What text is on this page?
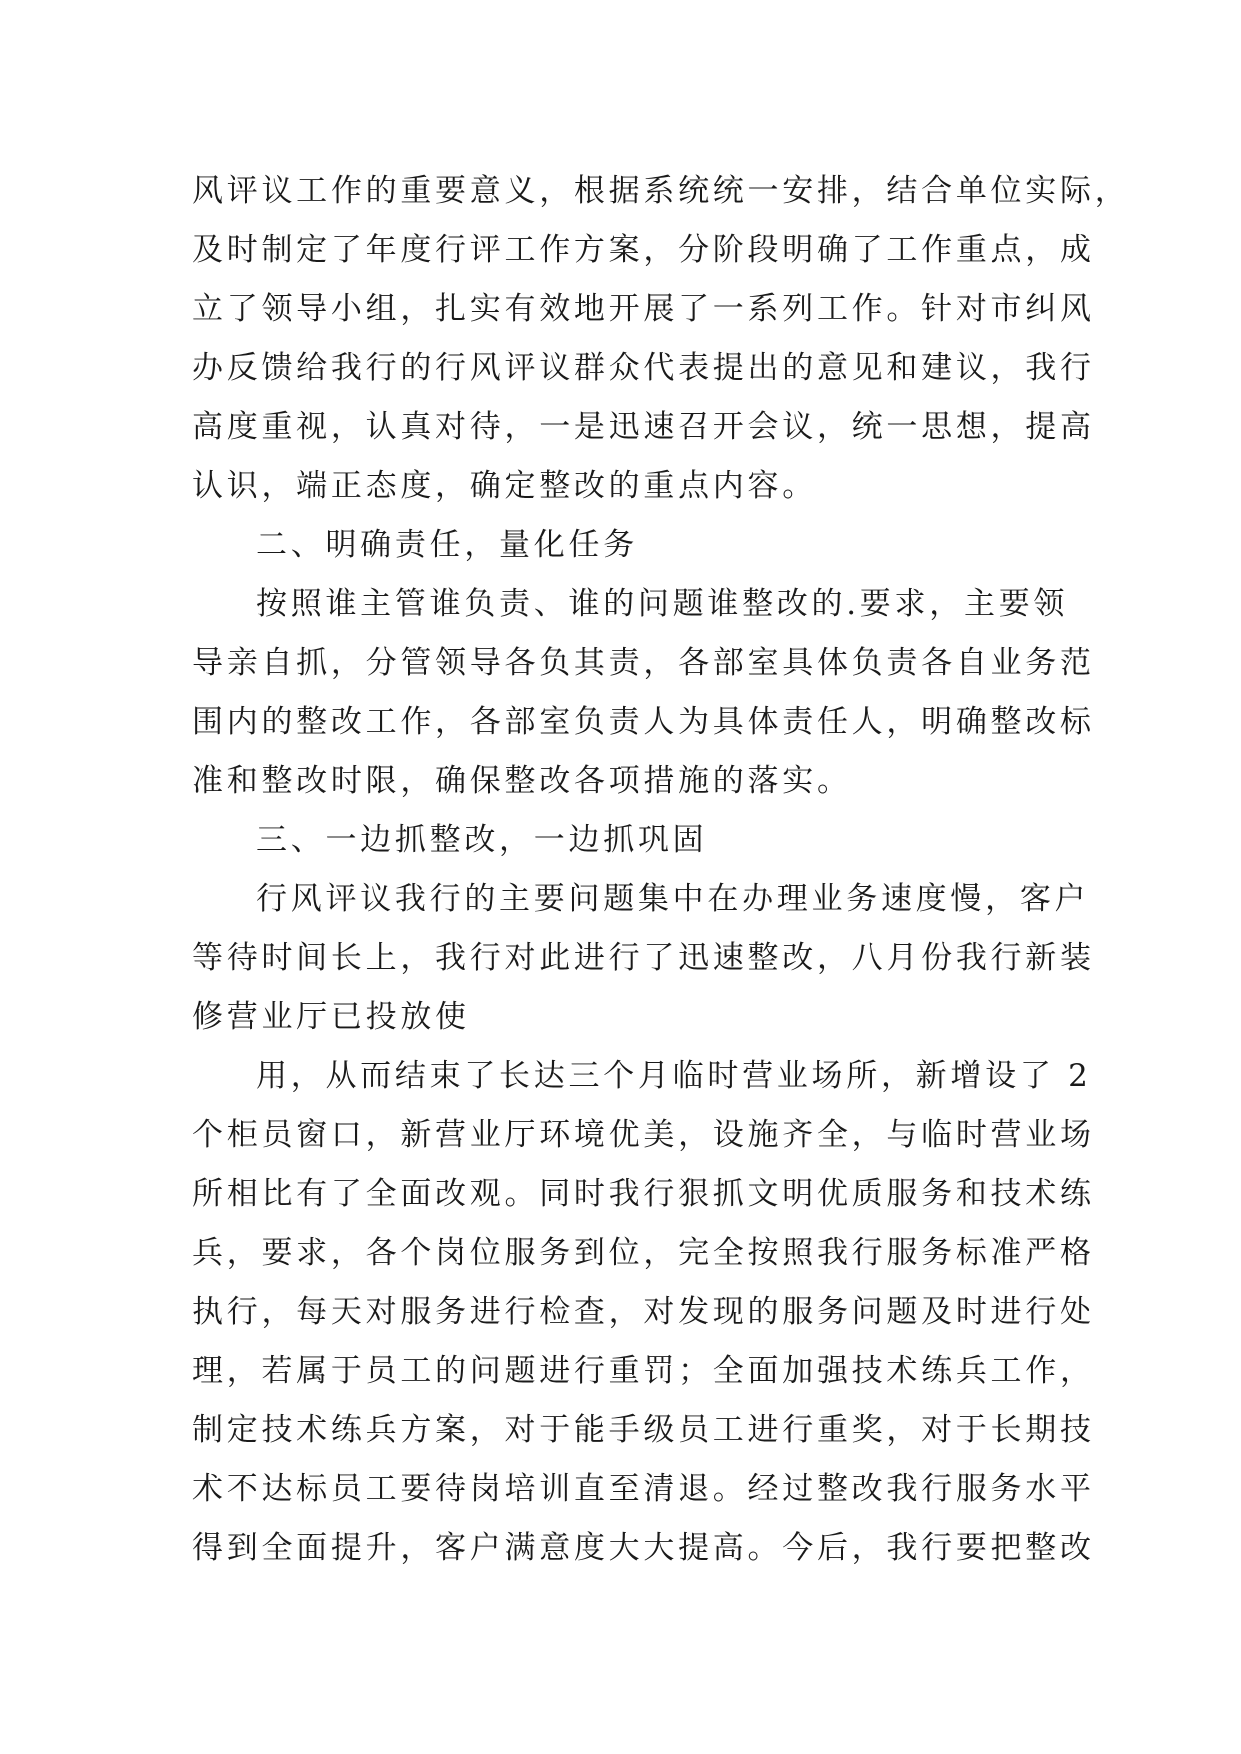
风评议工作的重要意义，根据系统统一安排，结合单位实际，
及时制定了年度行评工作方案，分阶段明确了工作重点，成
立了领导小组，扎实有效地开展了一系列工作。针对市纠风
办反馈给我行的行风评议群众代表提出的意见和建议，我行
高度重视，认真对待，一是迅速召开会议，统一思想，提高
认识，端正态度，确定整改的重点内容。
二、明确责任，量化任务
按照谁主管谁负责、谁的问题谁整改的.要求，主要领
导亲自抓，分管领导各负其责，各部室具体负责各自业务范
围内的整改工作，各部室负责人为具体责任人，明确整改标
准和整改时限，确保整改各项措施的落实。
三、一边抓整改，一边抓巩固
行风评议我行的主要问题集中在办理业务速度慢，客户
等待时间长上，我行对此进行了迅速整改，八月份我行新装
修营业厅已投放使
用，从而结束了长达三个月临时营业场所，新增设了 2
个柜员窗口，新营业厅环境优美，设施齐全，与临时营业场
所相比有了全面改观。同时我行狠抓文明优质服务和技术练
兵，要求，各个岗位服务到位，完全按照我行服务标准严格
执行，每天对服务进行检查，对发现的服务问题及时进行处
理，若属于员工的问题进行重罚；全面加强技术练兵工作，
制定技术练兵方案，对于能手级员工进行重奖，对于长期技
术不达标员工要待岗培训直至清退。经过整改我行服务水平
得到全面提升，客户满意度大大提高。今后，我行要把整改
